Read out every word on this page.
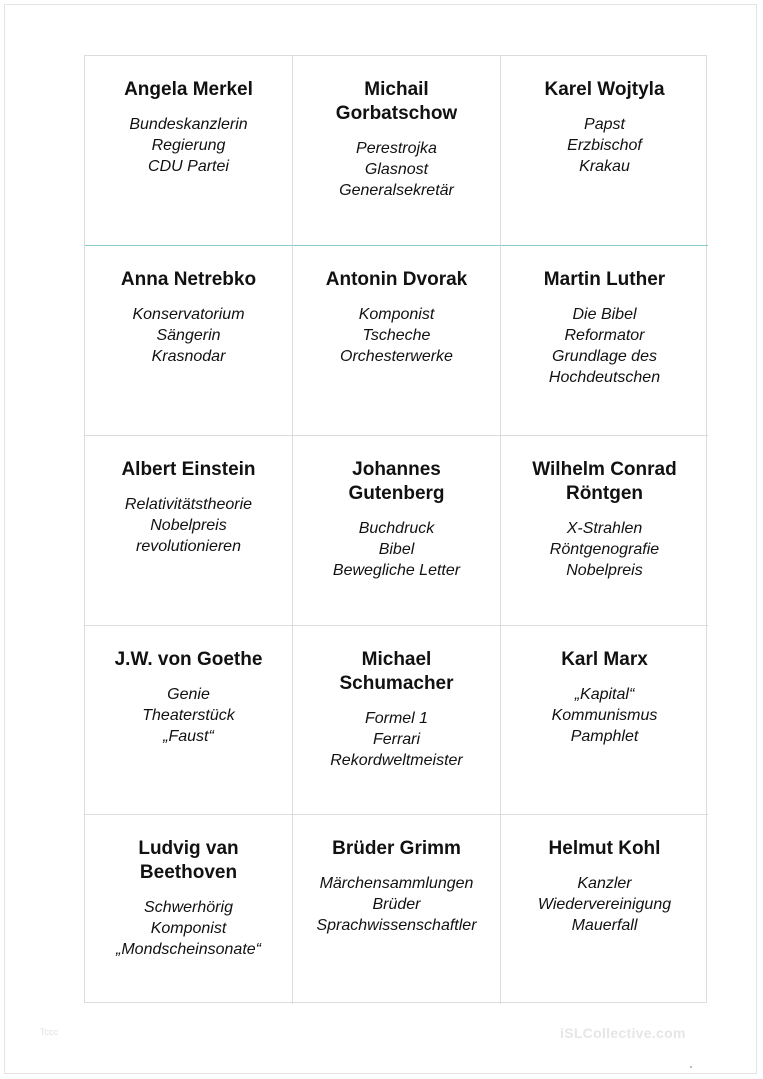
Angela Merkel
Bundeskanzlerin
Regierung
CDU Partei
Michail
Gorbatschow
Perestrojka
Glasnost
Generalsekretär
Karel Wojtyla
Papst
Erzbischof
Krakau
Anna Netrebko
Konservatorium
Sängerin
Krasnodar
Antonin Dvorak
Komponist
Tscheche
Orchesterwerke
Martin Luther
Die Bibel
Reformator
Grundlage des
Hochdeutschen
Albert Einstein
Relativitätstheorie
Nobelpreis
revolutionieren
Johannes
Gutenberg
Buchdruck
Bibel
Bewegliche Letter
Wilhelm Conrad
Röntgen
X-Strahlen
Röntgenografie
Nobelpreis
J.W. von Goethe
Genie
Theaterstück
„Faust“
Michael
Schumacher
Formel 1
Ferrari
Rekordweltmeister
Karl Marx
„Kapital“
Kommunismus
Pamphlet
Ludvig van
Beethoven
Schwerhörig
Komponist
„Mondscheinsonate“
Brüder Grimm
Märchensammlungen
Brüder
Sprachwissenschaftler
Helmut Kohl
Kanzler
Wiedervereinigung
Mauerfall
Tccc	iSLCollective.com
